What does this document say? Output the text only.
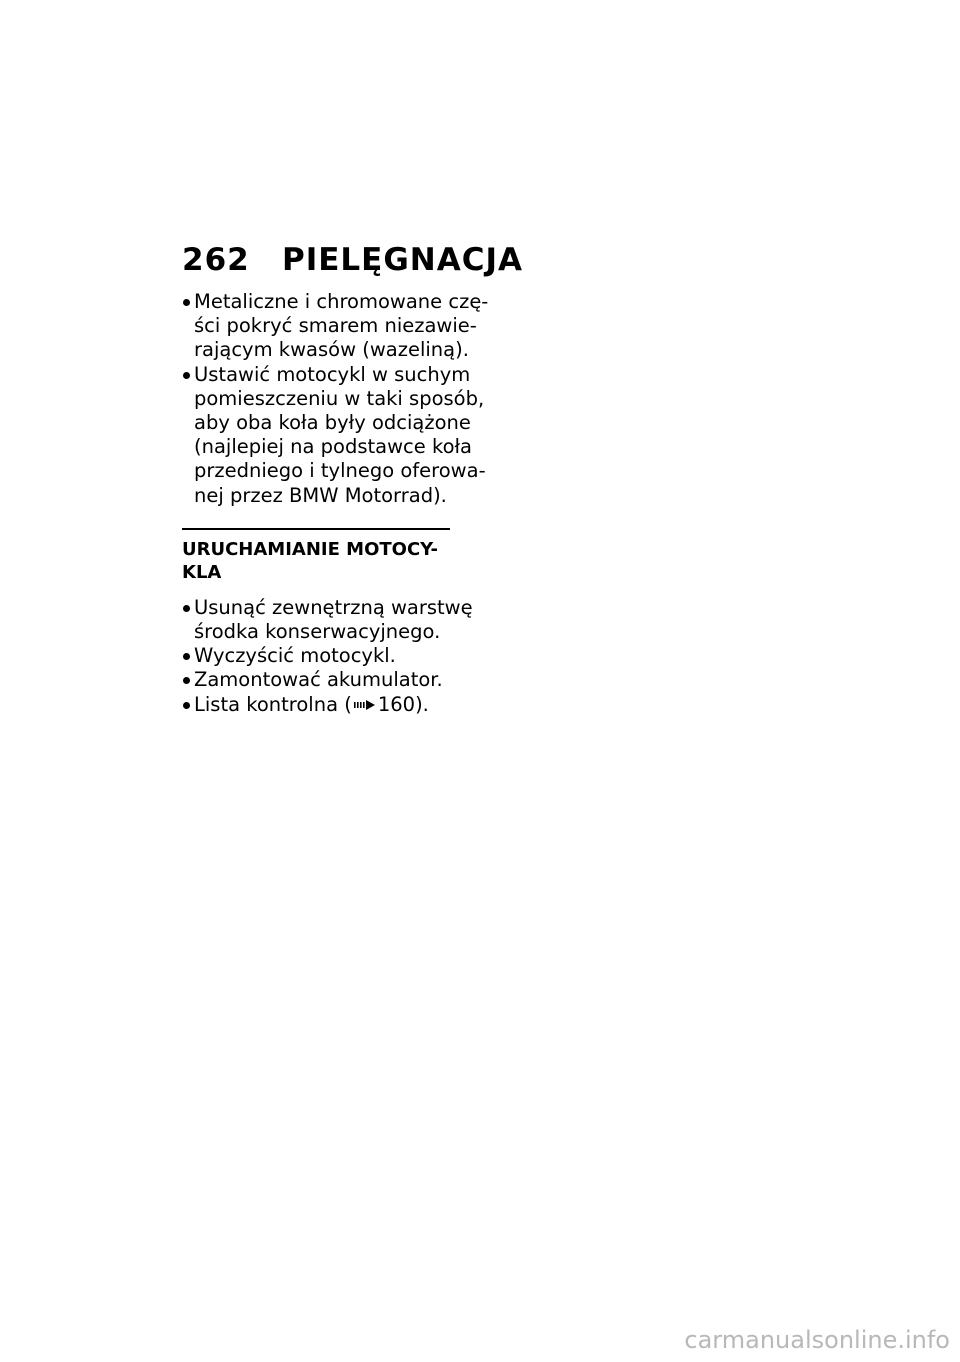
262 PIELĘGNACJA
Metaliczne i chromowane czę-
ści pokryć smarem niezawie-
rającym kwasów (wazeliną).
Ustawić motocykl w suchym
pomieszczeniu w taki sposób,
aby oba koła były odciążone
(najlepiej na podstawce koła
przedniego i tylnego oferowa-
nej przez BMW Motorrad).
URUCHAMIANIE MOTOCY-
KLA
Usunąć zewnętrzną warstwę
środka konserwacyjnego.
Wyczyścić motocykl.
Zamontować akumulator.
Lista kontrolna ( 160).
carmanualsonline.info
